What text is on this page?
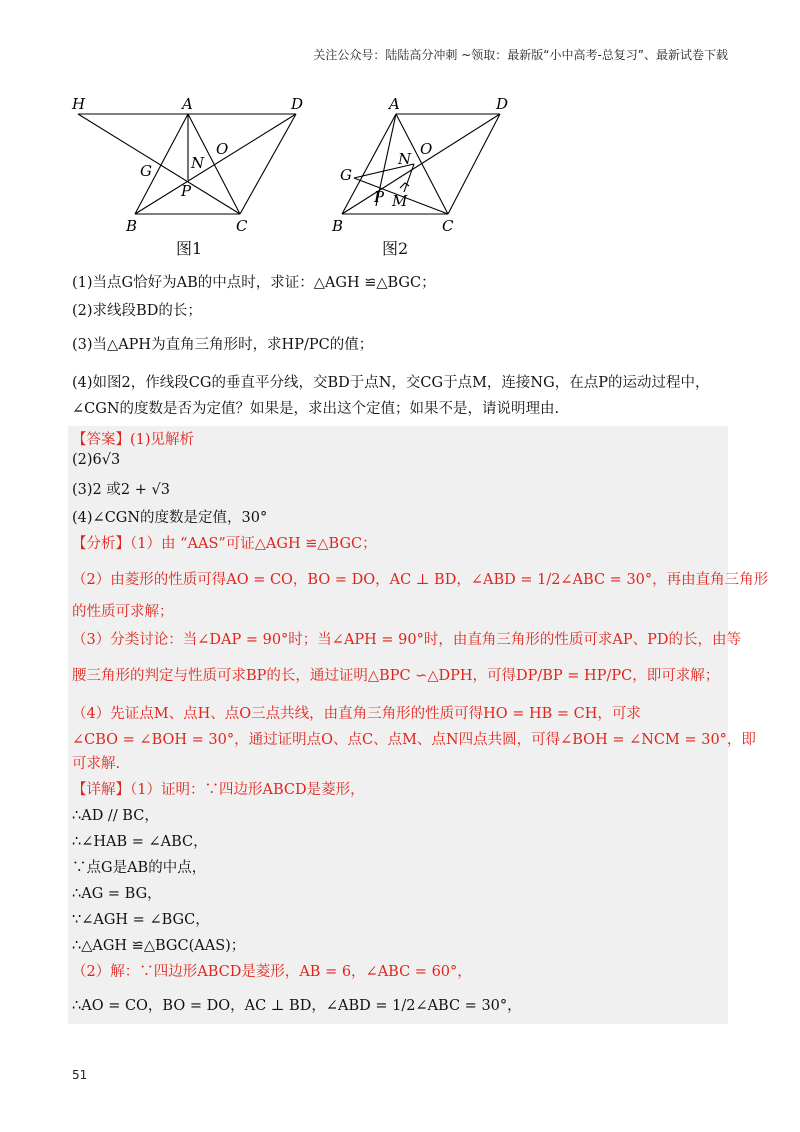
关注公众号：陆陆高分冲刺 ~领取：最新版“小中高考-总复习”、最新试卷下载
H	A	D
G	N
O
P
B	C
图1
A	D
N
O
G
P M
B	C
图2
(1)当点G恰好为AB的中点时，求证：△AGH ≌△BGC；
(2)求线段BD的长；
(3)当△APH为直角三角形时，求HP/PC的值；
(4)如图2，作线段CG的垂直平分线，交BD于点N，交CG于点M，连接NG，在点P的运动过程中，
∠CGN的度数是否为定值？如果是，求出这个定值；如果不是，请说明理由.
【答案】(1)见解析
(2)6√3
(3)2 或2 + √3
(4)∠CGN的度数是定值，30°
【分析】（1）由 “AAS”可证△AGH ≌△BGC；
（2）由菱形的性质可得AO = CO，BO = DO，AC ⊥ BD，∠ABD = 1/2∠ABC = 30°，再由直角三角形
的性质可求解；
（3）分类讨论：当∠DAP = 90°时；当∠APH = 90°时，由直角三角形的性质可求AP、PD的长，由等
腰三角形的判定与性质可求BP的长，通过证明△BPC ∽△DPH，可得DP/BP = HP/PC，即可求解；
（4）先证点M、点H、点O三点共线，由直角三角形的性质可得HO = HB = CH，可求
∠CBO = ∠BOH = 30°，通过证明点O、点C、点M、点N四点共圆，可得∠BOH = ∠NCM = 30°，即
可求解.
【详解】（1）证明：∵四边形ABCD是菱形，
∴AD // BC，
∴∠HAB = ∠ABC，
∵点G是AB的中点，
∴AG = BG，
∵∠AGH = ∠BGC，
∴△AGH ≌△BGC(AAS)；
（2）解：∵四边形ABCD是菱形，AB = 6，∠ABC = 60°，
∴AO = CO，BO = DO，AC ⊥ BD，∠ABD = 1/2∠ABC = 30°，
51
